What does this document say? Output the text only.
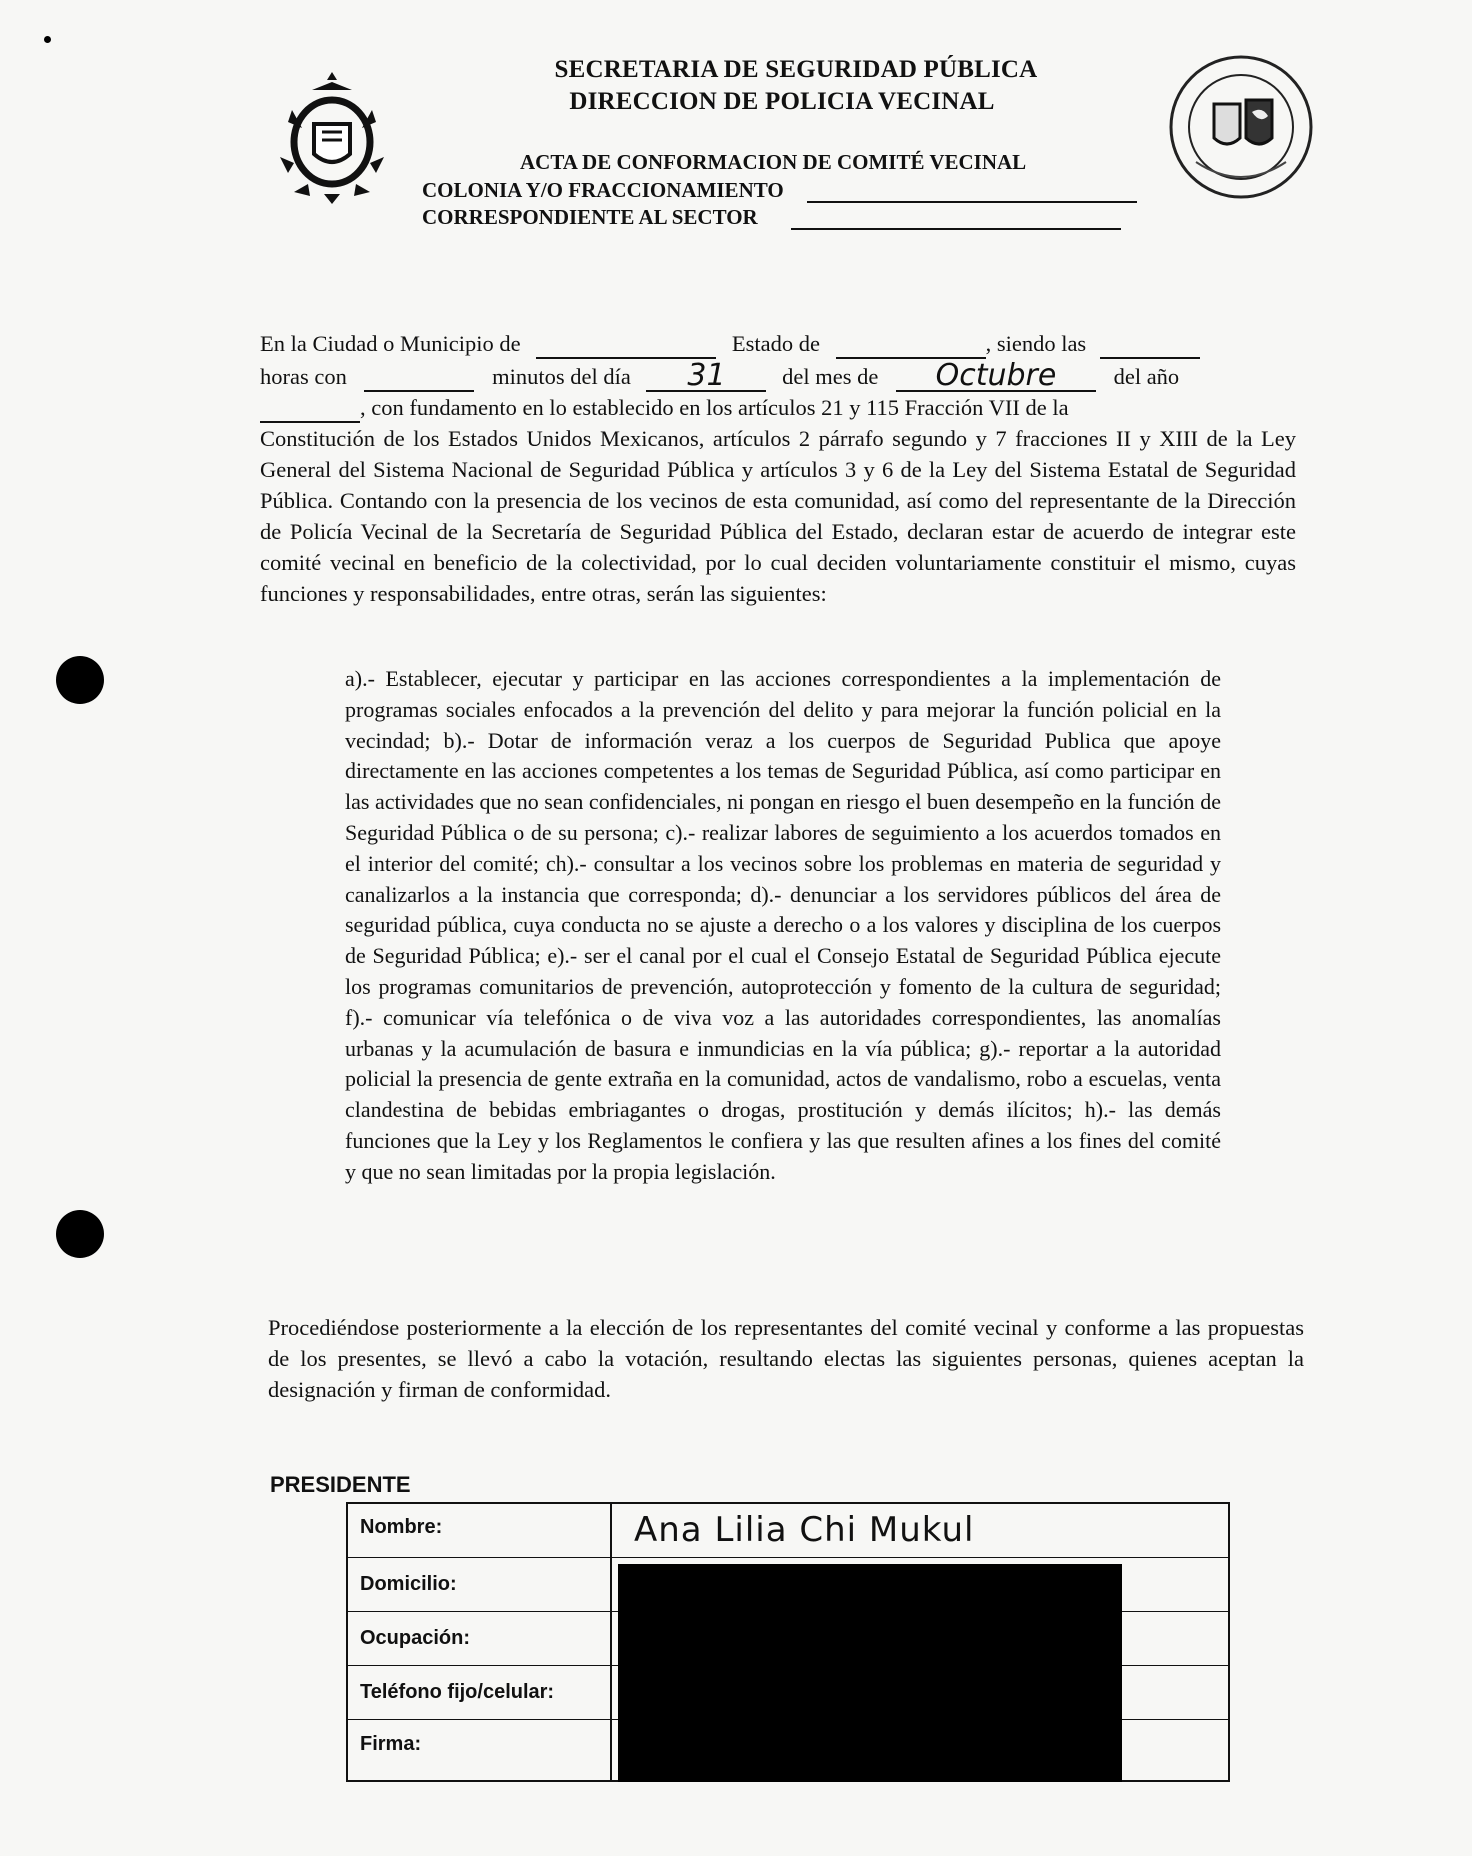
SECRETARIA DE SEGURIDAD PÚBLICA
DIRECCION DE POLICIA VECINAL
ACTA DE CONFORMACION DE COMITÉ VECINAL
COLONIA Y/O FRACCIONAMIENTO
CORRESPONDIENTE AL SECTOR
En la Ciudad o Municipio de	Estado de	, siendo las
horas con	minutos del día 31	del mes de Octubre	del año
, con fundamento en lo establecido en los artículos 21 y 115 Fracción VII de la
Constitución de los Estados Unidos Mexicanos, artículos 2 párrafo segundo y 7 fracciones II y XIII de la Ley General del Sistema Nacional de Seguridad Pública y artículos 3 y 6 de la Ley del Sistema Estatal de Seguridad Pública. Contando con la presencia de los vecinos de esta comunidad, así como del representante de la Dirección de Policía Vecinal de la Secretaría de Seguridad Pública del Estado, declaran estar de acuerdo de integrar este comité vecinal en beneficio de la colectividad, por lo cual deciden voluntariamente constituir el mismo, cuyas funciones y responsabilidades, entre otras, serán las siguientes:
a).- Establecer, ejecutar y participar en las acciones correspondientes a la implementación de programas sociales enfocados a la prevención del delito y para mejorar la función policial en la vecindad; b).- Dotar de información veraz a los cuerpos de Seguridad Publica que apoye directamente en las acciones competentes a los temas de Seguridad Pública, así como participar en las actividades que no sean confidenciales, ni pongan en riesgo el buen desempeño en la función de Seguridad Pública o de su persona; c).- realizar labores de seguimiento a los acuerdos tomados en el interior del comité; ch).- consultar a los vecinos sobre los problemas en materia de seguridad y canalizarlos a la instancia que corresponda; d).- denunciar a los servidores públicos del área de seguridad pública, cuya conducta no se ajuste a derecho o a los valores y disciplina de los cuerpos de Seguridad Pública; e).- ser el canal por el cual el Consejo Estatal de Seguridad Pública ejecute los programas comunitarios de prevención, autoprotección y fomento de la cultura de seguridad; f).- comunicar vía telefónica o de viva voz a las autoridades correspondientes, las anomalías urbanas y la acumulación de basura e inmundicias en la vía pública; g).- reportar a la autoridad policial la presencia de gente extraña en la comunidad, actos de vandalismo, robo a escuelas, venta clandestina de bebidas embriagantes o drogas, prostitución y demás ilícitos; h).- las demás funciones que la Ley y los Reglamentos le confiera y las que resulten afines a los fines del comité y que no sean limitadas por la propia legislación.
Procediéndose posteriormente a la elección de los representantes del comité vecinal y conforme a las propuestas de los presentes, se llevó a cabo la votación, resultando electas las siguientes personas, quienes aceptan la designación y firman de conformidad.
PRESIDENTE
Nombre:	Ana Lilia Chi Mukul
Domicilio:
Ocupación:
Teléfono fijo/celular:
Firma:
